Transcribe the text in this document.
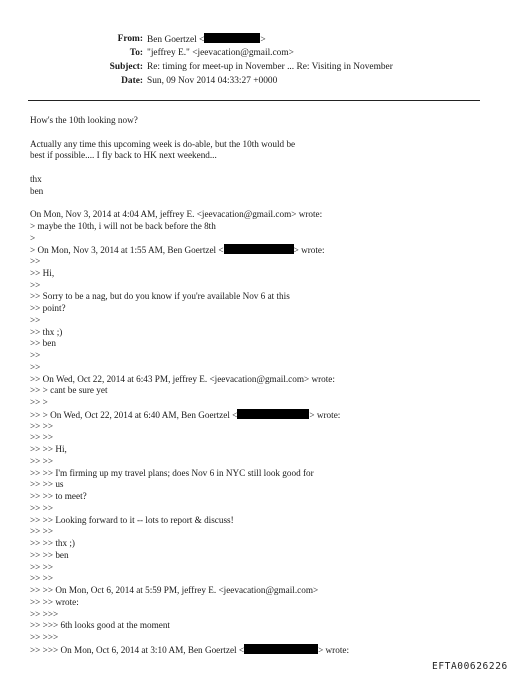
From: Ben Goertzel <	>
To: "jeffrey E." <jeevacation@gmail.com>
Subject: Re: timing for meet-up in November ... Re: Visiting in November
Date: Sun, 09 Nov 2014 04:33:27 +0000
How's the 10th looking now?
Actually any time this upcoming week is do-able, but the 10th would be
best if possible.... I fly back to HK next weekend...
thx
ben
On Mon, Nov 3, 2014 at 4:04 AM, jeffrey E. <jeevacation@gmail.com> wrote:
> maybe the 10th, i will not be back before the 8th
>
> On Mon, Nov 3, 2014 at 1:55 AM, Ben Goertzel <	> wrote:
>>
>> Hi,
>>
>> Sorry to be a nag, but do you know if you're available Nov 6 at this
>> point?
>>
>> thx ;)
>> ben
>>
>>
>> On Wed, Oct 22, 2014 at 6:43 PM, jeffrey E. <jeevacation@gmail.com> wrote:
>> > cant be sure yet
>> >
>> > On Wed, Oct 22, 2014 at 6:40 AM, Ben Goertzel <	> wrote:
>> >>
>> >>
>> >> Hi,
>> >>
>> >> I'm firming up my travel plans; does Nov 6 in NYC still look good for
>> >> us
>> >> to meet?
>> >>
>> >> Looking forward to it -- lots to report & discuss!
>> >>
>> >> thx ;)
>> >> ben
>> >>
>> >>
>> >> On Mon, Oct 6, 2014 at 5:59 PM, jeffrey E. <jeevacation@gmail.com>
>> >> wrote:
>> >>>
>> >>> 6th looks good at the moment
>> >>>
>> >>> On Mon, Oct 6, 2014 at 3:10 AM, Ben Goertzel <	> wrote:
EFTA00626226
